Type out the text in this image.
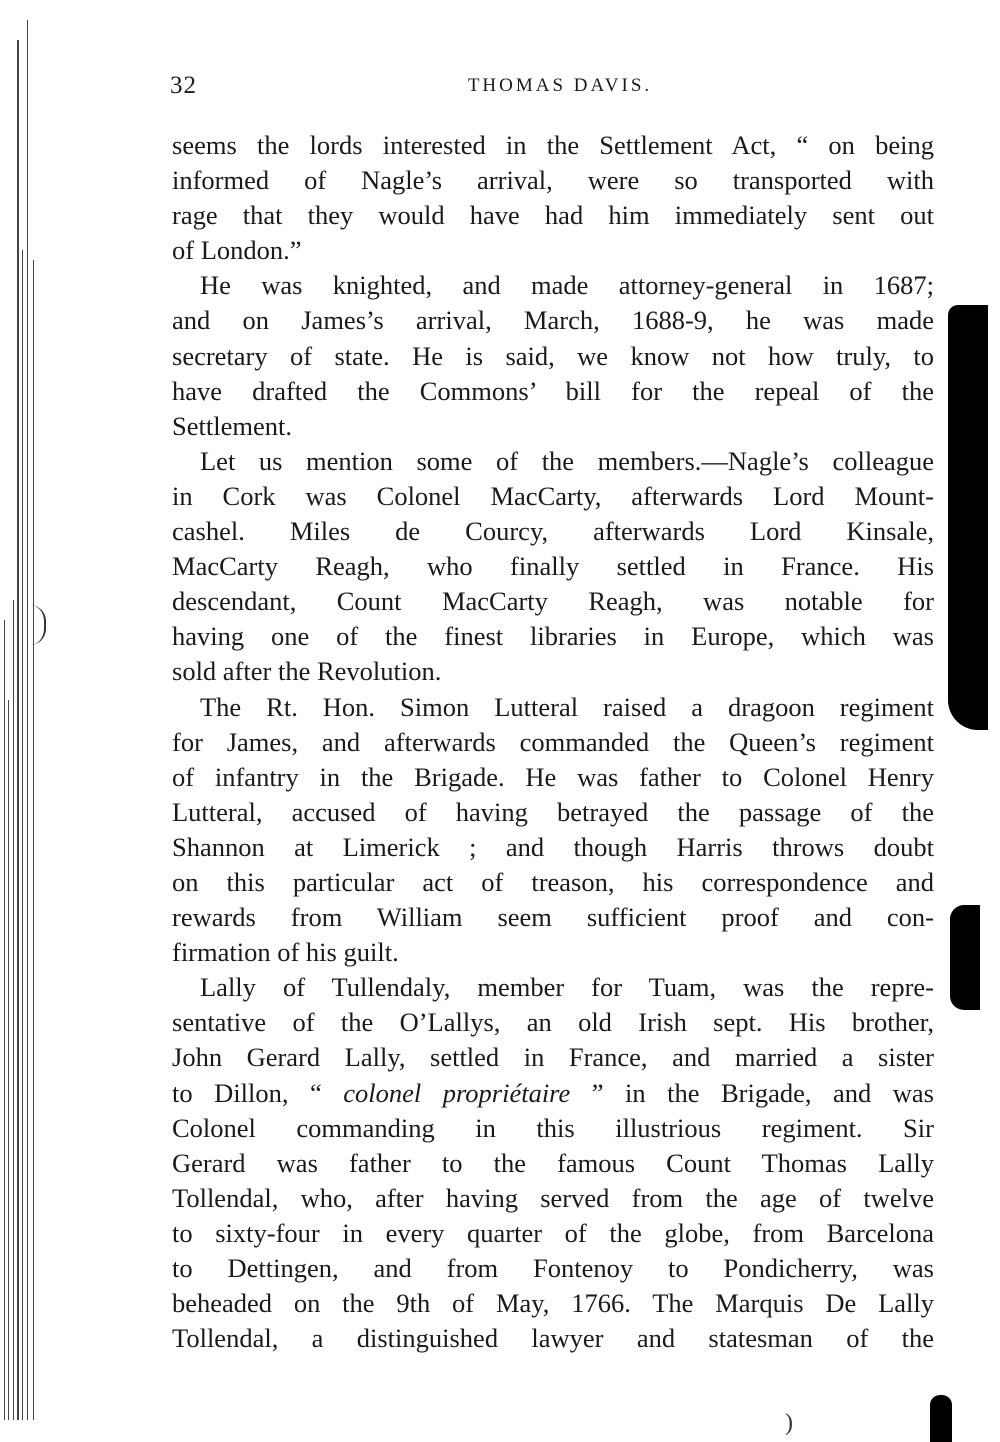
)
32	THOMAS DAVIS.
seems the lords interested in the Settlement Act, “ on being
informed of Nagle’s arrival, were so transported with
rage that they would have had him immediately sent out
of London.”
He was knighted, and made attorney-general in 1687;
and on James’s arrival, March, 1688-9, he was made
secretary of state. He is said, we know not how truly, to
have drafted the Commons’ bill for the repeal of the
Settlement.
Let us mention some of the members.—Nagle’s colleague
in Cork was Colonel MacCarty, afterwards Lord Mount-
cashel. Miles de Courcy, afterwards Lord Kinsale,
MacCarty Reagh, who finally settled in France. His
descendant, Count MacCarty Reagh, was notable for
having one of the finest libraries in Europe, which was
sold after the Revolution.
The Rt. Hon. Simon Lutteral raised a dragoon regiment
for James, and afterwards commanded the Queen’s regiment
of infantry in the Brigade. He was father to Colonel Henry
Lutteral, accused of having betrayed the passage of the
Shannon at Limerick ; and though Harris throws doubt
on this particular act of treason, his correspondence and
rewards from William seem sufficient proof and con-
firmation of his guilt.
Lally of Tullendaly, member for Tuam, was the repre-
sentative of the O’Lallys, an old Irish sept. His brother,
John Gerard Lally, settled in France, and married a sister
to Dillon, “ colonel propriétaire ” in the Brigade, and was
Colonel commanding in this illustrious regiment. Sir
Gerard was father to the famous Count Thomas Lally
Tollendal, who, after having served from the age of twelve
to sixty-four in every quarter of the globe, from Barcelona
to Dettingen, and from Fontenoy to Pondicherry, was
beheaded on the 9th of May, 1766. The Marquis De Lally
Tollendal, a distinguished lawyer and statesman of the
